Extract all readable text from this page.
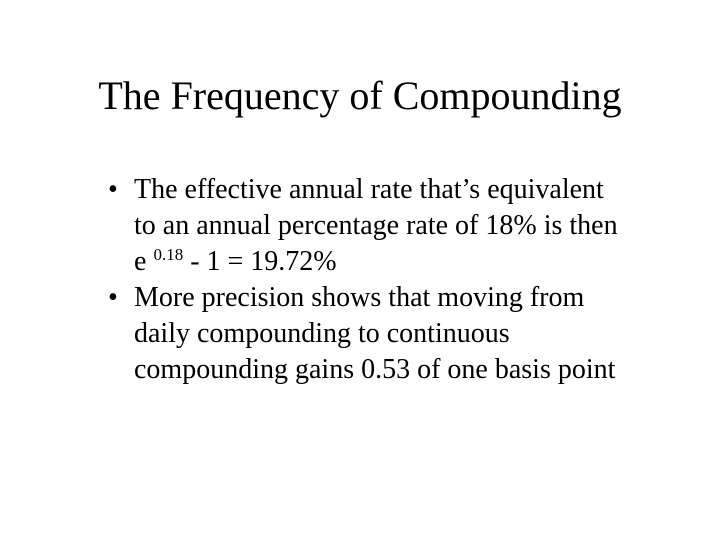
The Frequency of Compounding
• The effective annual rate that’s equivalent
to an annual percentage rate of 18% is then
e $^{0.18}$ - 1 = 19.72%
• More precision shows that moving from
daily compounding to continuous
compounding gains 0.53 of one basis point
